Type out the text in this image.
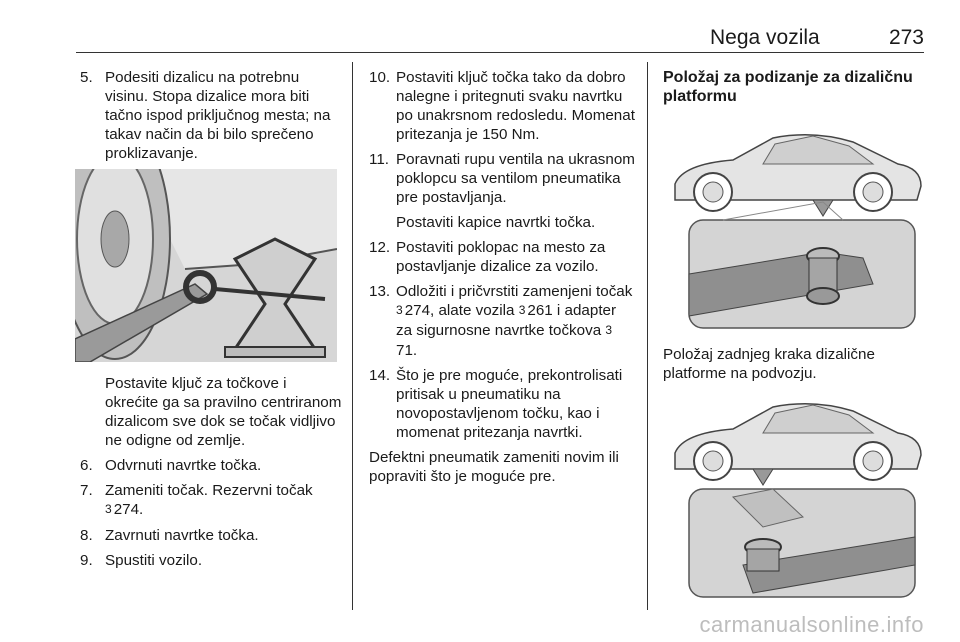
Nega vozila	273
5. Podesiti dizalicu na potrebnu visinu. Stopa dizalice mora biti tačno ispod priključnog mesta; na takav način da bi bilo sprečeno proklizavanje.

Postavite ključ za točkove i okrećite ga sa pravilno centriranom dizalicom sve dok se točak vidljivo ne odigne od zemlje.

6. Odvrnuti navrtke točka.

7. Zameniti točak. Rezervni točak
3 274.

8. Zavrnuti navrtke točka.

9. Spustiti vozilo.

10. Postaviti ključ točka tako da dobro nalegne i pritegnuti svaku navrtku po unakrsnom redosledu. Momenat pritezanja je 150 Nm.

11. Poravnati rupu ventila na ukrasnom poklopcu sa ventilom pneumatika pre postavljanja.

Postaviti kapice navrtki točka.

12. Postaviti poklopac na mesto za postavljanje dizalice za vozilo.

13. Odložiti i pričvrstiti zamenjeni točak 3 274, alate vozila 3 261 i adapter za sigurnosne navrtke točkova 371.

14. Što je pre moguće, prekontrolisati pritisak u pneumatiku na novopostavljenom točku, kao i momenat pritezanja navrtki.

Defektni pneumatik zameniti novim ili popraviti što je moguće pre.

Položaj za podizanje za dizaličnu platformu

Položaj zadnjeg kraka dizalične platforme na podvozju.

carmanualsonline.info
